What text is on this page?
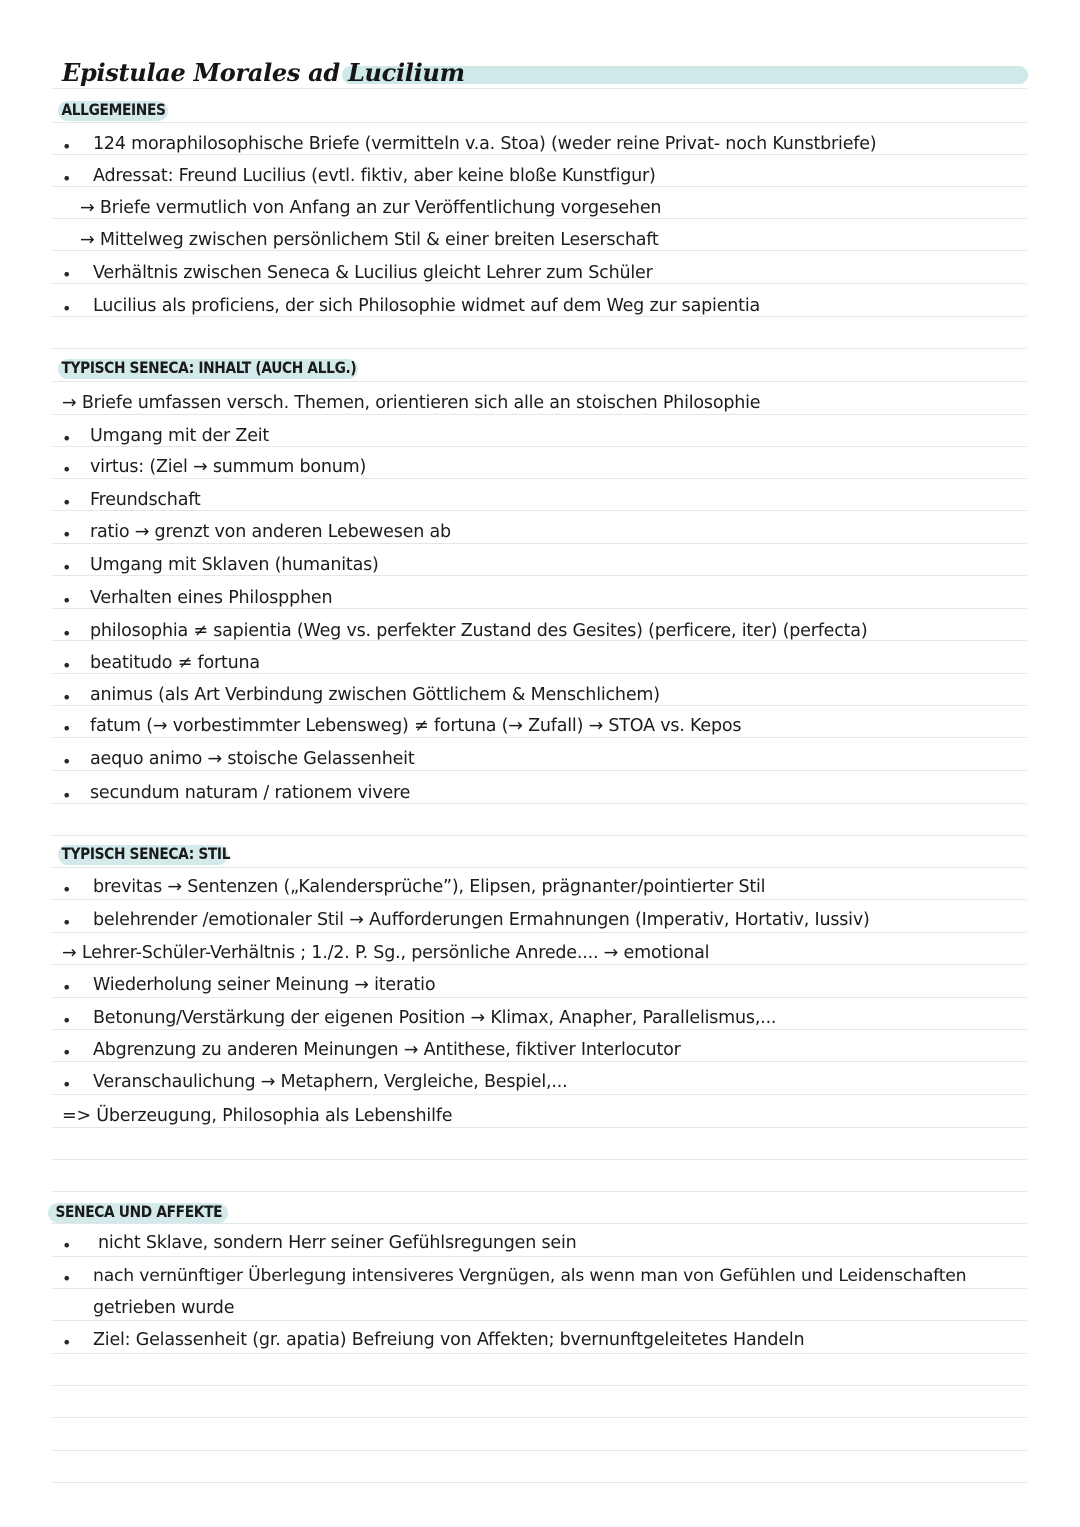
Epistulae Morales ad Lucilium
ALLGEMEINES
• 124 moraphilosophische Briefe (vermitteln v.a. Stoa) (weder reine Privat- noch Kunstbriefe)
• Adressat: Freund Lucilius (evtl. fiktiv, aber keine bloße Kunstfigur)
→ Briefe vermutlich von Anfang an zur Veröffentlichung vorgesehen
→ Mittelweg zwischen persönlichem Stil & einer breiten Leserschaft
• Verhältnis zwischen Seneca & Lucilius gleicht Lehrer zum Schüler
• Lucilius als proficiens, der sich Philosophie widmet auf dem Weg zur sapientia
TYPISCH SENECA: INHALT (AUCH ALLG.)
→ Briefe umfassen versch. Themen, orientieren sich alle an stoischen Philosophie
• Umgang mit der Zeit
• virtus: (Ziel → summum bonum)
• Freundschaft
• ratio → grenzt von anderen Lebewesen ab
• Umgang mit Sklaven (humanitas)
• Verhalten eines Philospphen
• philosophia ≠ sapientia (Weg vs. perfekter Zustand des Gesites) (perficere, iter) (perfecta)
• beatitudo ≠ fortuna
• animus (als Art Verbindung zwischen Göttlichem & Menschlichem)
• fatum (→ vorbestimmter Lebensweg) ≠ fortuna (→ Zufall) → STOA vs. Kepos
• aequo animo → stoische Gelassenheit
• secundum naturam / rationem vivere
TYPISCH SENECA: STIL
• brevitas → Sentenzen („Kalendersprüche”), Elipsen, prägnanter/pointierter Stil
• belehrender /emotionaler Stil → Aufforderungen Ermahnungen (Imperativ, Hortativ, Iussiv)
→ Lehrer-Schüler-Verhältnis ; 1./2. P. Sg., persönliche Anrede.... → emotional
• Wiederholung seiner Meinung → iteratio
• Betonung/Verstärkung der eigenen Position → Klimax, Anapher, Parallelismus,...
• Abgrenzung zu anderen Meinungen → Antithese, fiktiver Interlocutor
• Veranschaulichung → Metaphern, Vergleiche, Bespiel,...
=> Überzeugung, Philosophia als Lebenshilfe
SENECA UND AFFEKTE
• nicht Sklave, sondern Herr seiner Gefühlsregungen sein
• nach vernünftiger Überlegung intensiveres Vergnügen, als wenn man von Gefühlen und Leidenschaften
getrieben wurde
• Ziel: Gelassenheit (gr. apatia) Befreiung von Affekten; bvernunftgeleitetes Handeln
